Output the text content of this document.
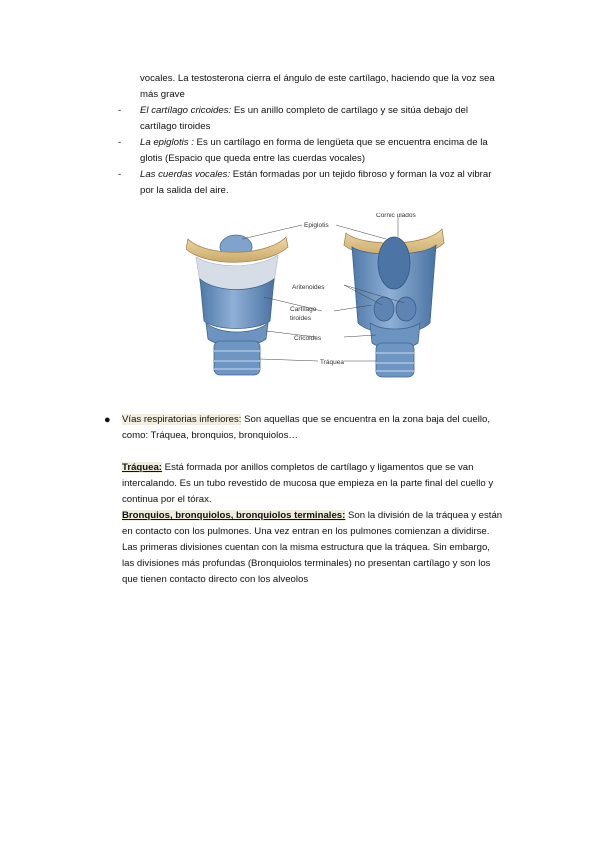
vocales. La testosterona cierra el ángulo de este cartílago, haciendo que la voz sea
más grave
- El cartílago cricoides: Es un anillo completo de cartílago y se sitúa debajo del
cartílago tiroides
- La epiglotis : Es un cartílago en forma de lengüeta que se encuentra encima de la
glotis (Espacio que queda entre las cuerdas vocales)
- Las cuerdas vocales: Están formadas por un tejido fibroso y forman la voz al vibrar
por la salida del aire.
Epiglotis
Cornic ulados
Aritenoides
Cartílago
tiroides
Cricoides
Tráquea
● Vías respiratorias inferiores: Son aquellas que se encuentra en la zona baja del cuello,
como: Tráquea, bronquios, bronquiolos…
Tráquea: Está formada por anillos completos de cartílago y ligamentos que se van
intercalando. Es un tubo revestido de mucosa que empieza en la parte final del cuello y
continua por el tórax.
Bronquios, bronquiolos, bronquiolos terminales: Son la división de la tráquea y están
en contacto con los pulmones. Una vez entran en los pulmones comienzan a dividirse.
Las primeras divisiones cuentan con la misma estructura que la tráquea. Sin embargo,
las divisiones más profundas (Bronquiolos terminales) no presentan cartílago y son los
que tienen contacto directo con los alveolos
